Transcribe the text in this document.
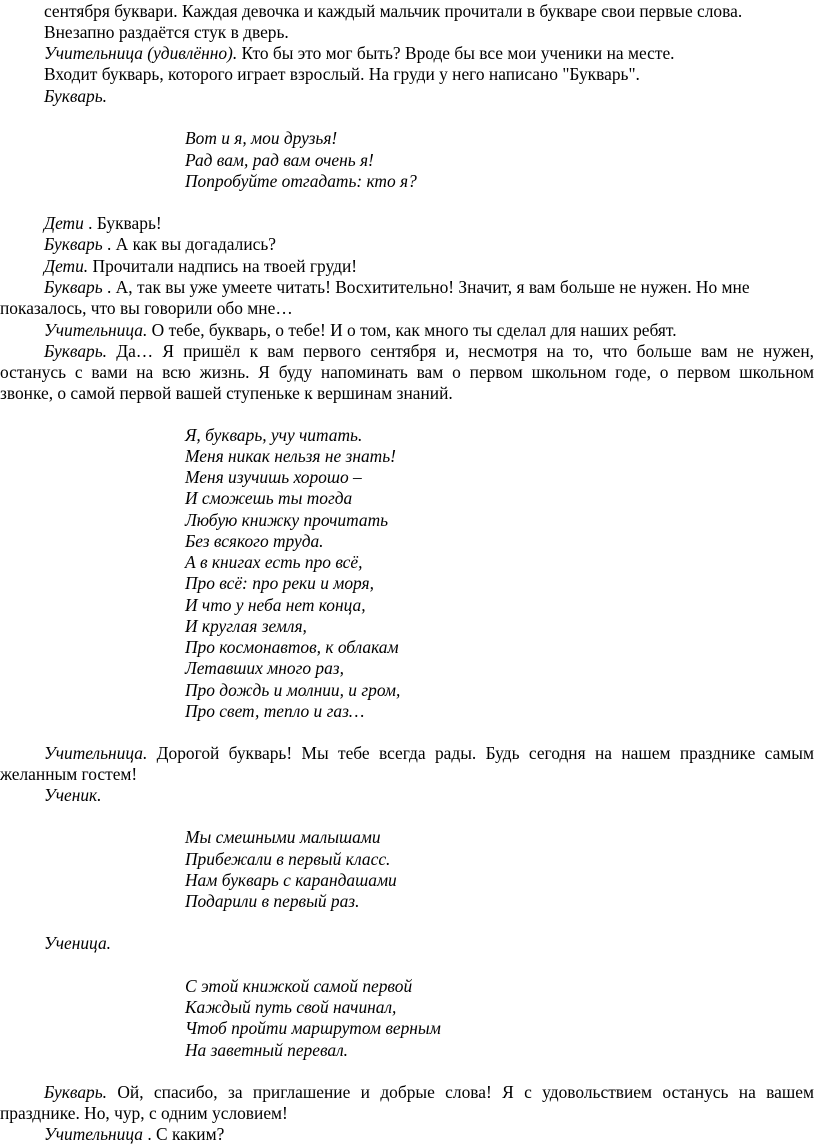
сентября буквари. Каждая девочка и каждый мальчик прочитали в букваре свои первые слова.
Внезапно раздаётся стук в дверь.
Учительница (удивлённо). Кто бы это мог быть? Вроде бы все мои ученики на месте.
Входит букварь, которого играет взрослый. На груди у него написано "Букварь".
Букварь.
Вот и я, мои друзья!
Рад вам, рад вам очень я!
Попробуйте отгадать: кто я?
Дети . Букварь!
Букварь . А как вы догадались?
Дети. Прочитали надпись на твоей груди!
Букварь . А, так вы уже умеете читать! Восхитительно! Значит, я вам больше не нужен. Но мне
показалось, что вы говорили обо мне…
Учительница. О тебе, букварь, о тебе! И о том, как много ты сделал для наших ребят.
Букварь. Да… Я пришёл к вам первого сентября и, несмотря на то, что больше вам не нужен,
останусь с вами на всю жизнь. Я буду напоминать вам о первом школьном годе, о первом школьном
звонке, о самой первой вашей ступеньке к вершинам знаний.
Я, букварь, учу читать.
Меня никак нельзя не знать!
Меня изучишь хорошо –
И сможешь ты тогда
Любую книжку прочитать
Без всякого труда.
А в книгах есть про всё,
Про всё: про реки и моря,
И что у неба нет конца,
И круглая земля,
Про космонавтов, к облакам
Летавших много раз,
Про дождь и молнии, и гром,
Про свет, тепло и газ…
Учительница. Дорогой букварь! Мы тебе всегда рады. Будь сегодня на нашем празднике самым
желанным гостем!
Ученик.
Мы смешными малышами
Прибежали в первый класс.
Нам букварь с карандашами
Подарили в первый раз.
Ученица.
С этой книжкой самой первой
Каждый путь свой начинал,
Чтоб пройти маршрутом верным
На заветный перевал.
Букварь. Ой, спасибо, за приглашение и добрые слова! Я с удовольствием останусь на вашем
празднике. Но, чур, с одним условием!
Учительница . С каким?
